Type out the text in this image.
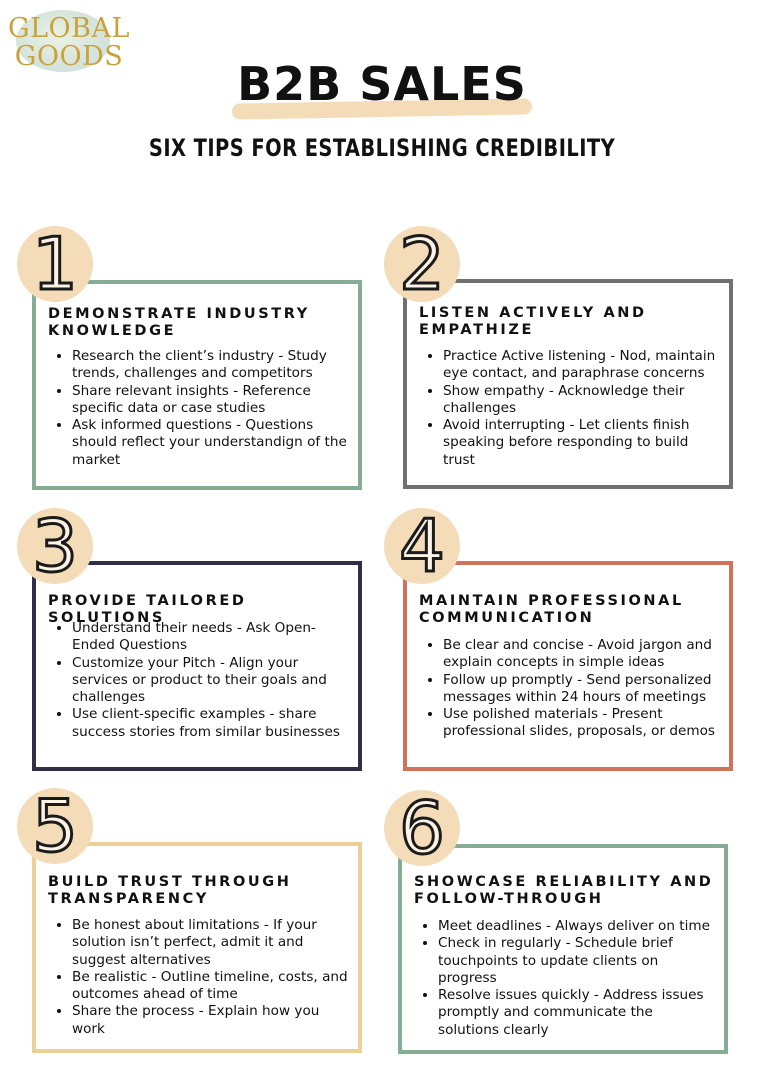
GLOBAL
GOODS
B2B SALES
SIX TIPS FOR ESTABLISHING CREDIBILITY
DEMONSTRATE INDUSTRY KNOWLEDGE
• Research the client’s industry - Study trends, challenges and competitors
• Share relevant insights - Reference specific data or case studies
• Ask informed questions - Questions should reflect your understandign of the market
1
LISTEN ACTIVELY AND EMPATHIZE
• Practice Active listening - Nod, maintain eye contact, and paraphrase concerns
• Show empathy - Acknowledge their challenges
• Avoid interrupting - Let clients finish speaking before responding to build trust
2
PROVIDE TAILORED SOLUTIONS
• Understand their needs - Ask Open-Ended Questions
• Customize your Pitch - Align your services or product to their goals and challenges
• Use client-specific examples - share success stories from similar businesses
3
MAINTAIN PROFESSIONAL COMMUNICATION
• Be clear and concise - Avoid jargon and explain concepts in simple ideas
• Follow up promptly - Send personalized messages within 24 hours of meetings
• Use polished materials - Present professional slides, proposals, or demos
4
BUILD TRUST THROUGH TRANSPARENCY
• Be honest about limitations - If your solution isn’t perfect, admit it and suggest alternatives
• Be realistic - Outline timeline, costs, and outcomes ahead of time
• Share the process - Explain how you work
5
SHOWCASE RELIABILITY AND FOLLOW-THROUGH
• Meet deadlines - Always deliver on time
• Check in regularly - Schedule brief touchpoints to update clients on progress
• Resolve issues quickly - Address issues promptly and communicate the solutions clearly
6
